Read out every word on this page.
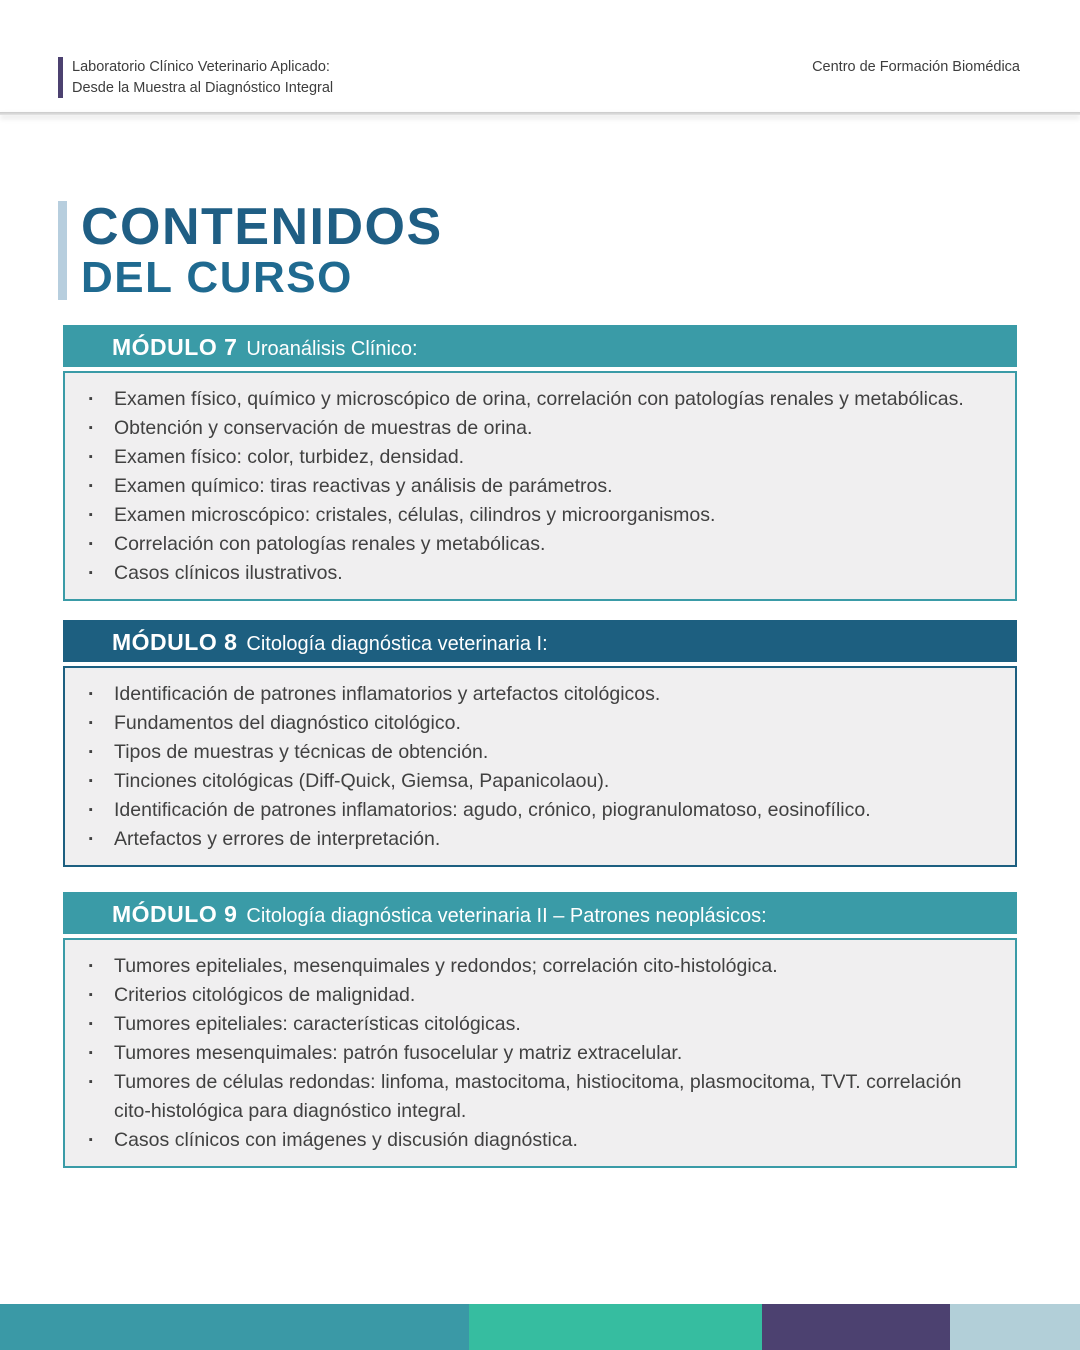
Laboratorio Clínico Veterinario Aplicado:
Desde la Muestra al Diagnóstico Integral
Centro de Formación Biomédica
CONTENIDOS
DEL CURSO
MÓDULO 7 Uroanálisis Clínico:
· Examen físico, químico y microscópico de orina, correlación con patologías renales y metabólicas.
· Obtención y conservación de muestras de orina.
· Examen físico: color, turbidez, densidad.
· Examen químico: tiras reactivas y análisis de parámetros.
· Examen microscópico: cristales, células, cilindros y microorganismos.
· Correlación con patologías renales y metabólicas.
· Casos clínicos ilustrativos.
MÓDULO 8 Citología diagnóstica veterinaria I:
· Identificación de patrones inflamatorios y artefactos citológicos.
· Fundamentos del diagnóstico citológico.
· Tipos de muestras y técnicas de obtención.
· Tinciones citológicas (Diff-Quick, Giemsa, Papanicolaou).
· Identificación de patrones inflamatorios: agudo, crónico, piogranulomatoso, eosinofílico.
· Artefactos y errores de interpretación.
MÓDULO 9 Citología diagnóstica veterinaria II – Patrones neoplásicos:
· Tumores epiteliales, mesenquimales y redondos; correlación cito-histológica.
· Criterios citológicos de malignidad.
· Tumores epiteliales: características citológicas.
· Tumores mesenquimales: patrón fusocelular y matriz extracelular.
· Tumores de células redondas: linfoma, mastocitoma, histiocitoma, plasmocitoma, TVT. correlación cito-histológica para diagnóstico integral.
· Casos clínicos con imágenes y discusión diagnóstica.
